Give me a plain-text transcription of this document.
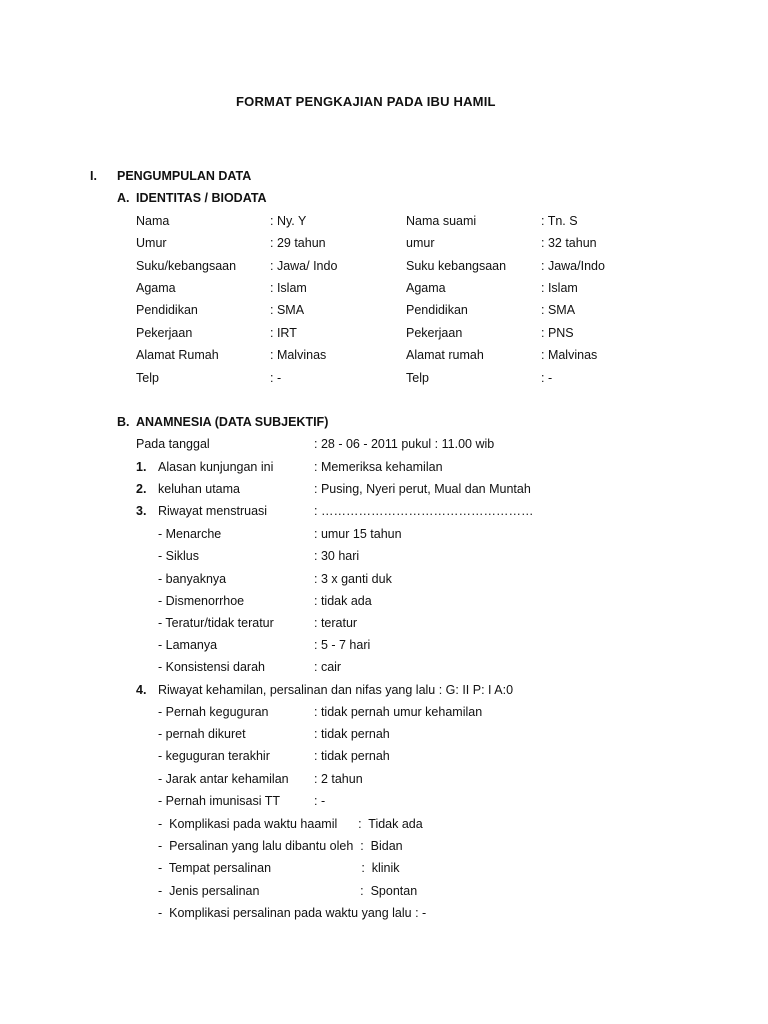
FORMAT PENGKAJIAN PADA IBU HAMIL
I. PENGUMPULAN DATA
A. IDENTITAS / BIODATA
Nama	: Ny. Y	Nama suami	: Tn. S
Umur	: 29 tahun	umur	: 32 tahun
Suku/kebangsaan	: Jawa/ Indo	Suku kebangsaan	: Jawa/Indo
Agama	: Islam	Agama	: Islam
Pendidikan	: SMA	Pendidikan	: SMA
Pekerjaan	: IRT	Pekerjaan	: PNS
Alamat Rumah	: Malvinas	Alamat rumah	: Malvinas
Telp	: -	Telp	: -
B. ANAMNESIA (DATA SUBJEKTIF)
Pada tanggal	: 28 - 06 - 2011 pukul : 11.00 wib
1. Alasan kunjungan ini	: Memeriksa kehamilan
2. keluhan utama	: Pusing, Nyeri perut, Mual dan Muntah
3. Riwayat menstruasi	: ……………………………………………
- Menarche	: umur 15 tahun
- Siklus	: 30 hari
- banyaknya	: 3 x ganti duk
- Dismenorrhoe	: tidak ada
- Teratur/tidak teratur	: teratur
- Lamanya	: 5 - 7 hari
- Konsistensi darah	: cair
4. Riwayat kehamilan, persalinan dan nifas yang lalu : G: II P: I A:0
- Pernah keguguran	: tidak pernah umur kehamilan
- pernah dikuret	: tidak pernah
- keguguran terakhir	: tidak pernah
- Jarak antar kehamilan : 2 tahun
- Pernah imunisasi TT	: -
-  Komplikasi pada waktu haamil      :  Tidak ada
-  Persalinan yang lalu dibantu oleh  :  Bidan
-  Tempat persalinan                          :  klinik
-  Jenis persalinan                             :  Spontan
-  Komplikasi persalinan pada waktu yang lalu : -
